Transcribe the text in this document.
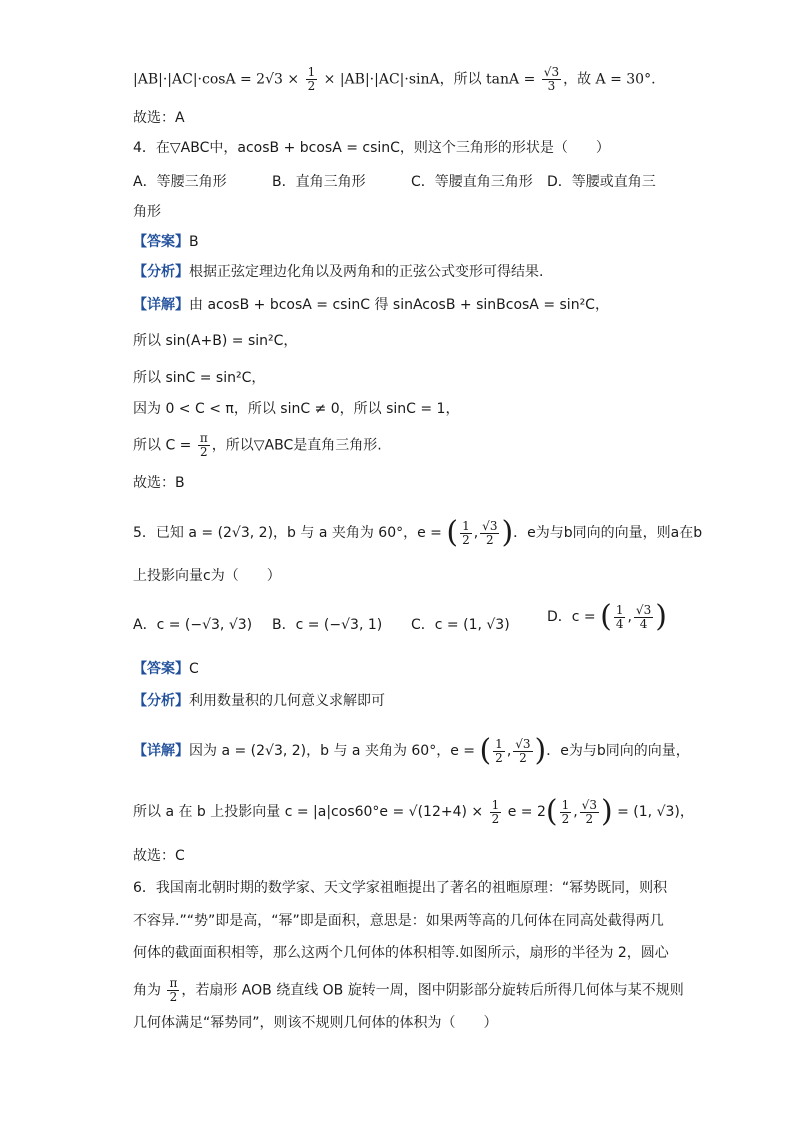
$|AB|\cdot|AC|\cdot\cos A = 2√3 \times \frac{1}{2} \times |AB|\cdot|AC|\cdot\sin A$，所以 $\tan A = \frac{√3}{3}$ ，故 A = 30°.
故选：A
4．在▽ABC中，acosB + bcosA = csinC，则这个三角形的形状是（　　）
A．等腰三角形	B．直角三角形	C．等腰直角三角形 D．等腰或直角三
角形
【答案】B
【分析】根据正弦定理边化角以及两角和的正弦公式变形可得结果.
【详解】由 acosB + bcosA = csinC 得 sinAcosB + sinBcosA = sin²C，
所以 sin(A+B) = sin²C，
所以 sinC = sin²C，
因为 0 < C < π，所以 sinC ≠ 0，所以 sinC = 1，
所以 $C = \frac{\pi}{2}$ ，所以▽ABC是直角三角形.
故选：B
5．已知 a = (2√3, 2)，b 与 a 夹角为 60°，e = ( $\frac{1}{2}$ , $\frac{√3}{2}$ )．e为与b同向的向量，则a在b
上投影向量c为（　　）
A．c = (−√3, √3) B．c = (−√3, 1) C．c = (1, √3)	D．c = ( $\frac{1}{4}$ , $\frac{√3}{4}$ )
【答案】C
【分析】利用数量积的几何意义求解即可
【详解】因为 a = (2√3, 2)，b 与 a 夹角为 60°，e = ( $\frac{1}{2}$ , $\frac{√3}{2}$ )．e为与b同向的向量，
所以 a 在 b 上投影向量 $c = |a|\cos 60^\circ e = √(12+4) \times \frac{1}{2}$ $e = 2( \frac{1}{2}$ , $\frac{√3}{2}$ ) = (1, √3)，
故选：C
6．我国南北朝时期的数学家、天文学家祖暅提出了著名的祖暅原理：“幂势既同，则积
不容异.”“势”即是高，“幂”即是面积，意思是：如果两等高的几何体在同高处截得两几
何体的截面面积相等，那么这两个几何体的体积相等.如图所示，扇形的半径为 2，圆心
角为 $\frac{\pi}{2}$ ，若扇形 AOB 绕直线 OB 旋转一周，图中阴影部分旋转后所得几何体与某不规则
几何体满足“幂势同”，则该不规则几何体的体积为（　　）
